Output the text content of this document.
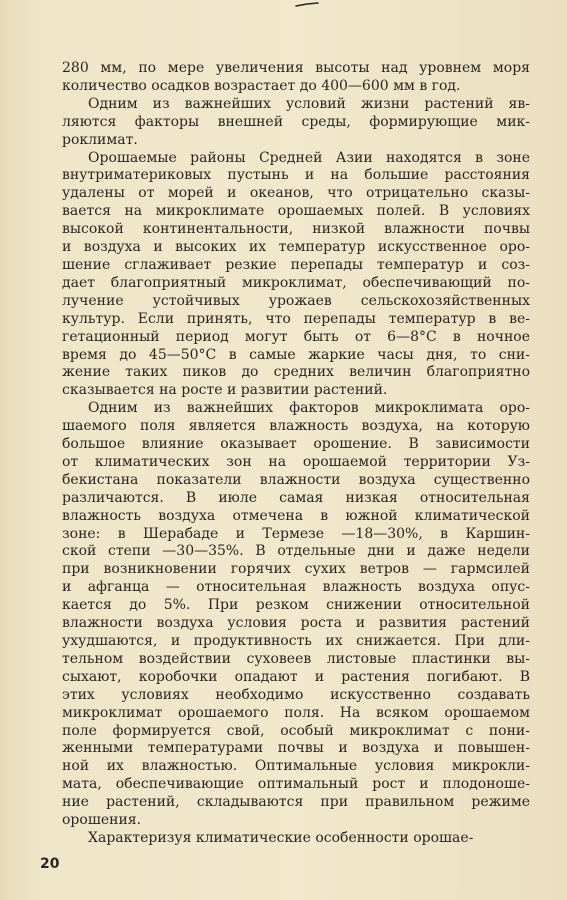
280 мм, по мере увеличения высоты над уровнем моря
количество осадков возрастает до 400—600 мм в год.
Одним из важнейших условий жизни растений яв-
ляются факторы внешней среды, формирующие мик-
роклимат.
Орошаемые районы Средней Азии находятся в зоне
внутриматериковых пустынь и на большие расстояния
удалены от морей и океанов, что отрицательно сказы-
вается на микроклимате орошаемых полей. В условиях
высокой континентальности, низкой влажности почвы
и воздуха и высоких их температур искусственное оро-
шение сглаживает резкие перепады температур и соз-
дает благоприятный микроклимат, обеспечивающий по-
лучение устойчивых урожаев сельскохозяйственных
культур. Если принять, что перепады температур в ве-
гетационный период могут быть от 6—8°С в ночное
время до 45—50°С в самые жаркие часы дня, то сни-
жение таких пиков до средних величин благоприятно
сказывается на росте и развитии растений.
Одним из важнейших факторов микроклимата оро-
шаемого поля является влажность воздуха, на которую
большое влияние оказывает орошение. В зависимости
от климатических зон на орошаемой территории Уз-
бекистана показатели влажности воздуха существенно
различаются. В июле самая низкая относительная
влажность воздуха отмечена в южной климатической
зоне: в Шерабаде и Термезе —18—30%, в Каршин-
ской степи —30—35%. В отдельные дни и даже недели
при возникновении горячих сухих ветров — гармсилей
и афганца — относительная влажность воздуха опус-
кается до 5%. При резком снижении относительной
влажности воздуха условия роста и развития растений
ухудшаются, и продуктивность их снижается. При дли-
тельном воздействии суховеев листовые пластинки вы-
сыхают, коробочки опадают и растения погибают. В
этих условиях необходимо искусственно создавать
микроклимат орошаемого поля. На всяком орошаемом
поле формируется свой, особый микроклимат с пони-
женными температурами почвы и воздуха и повышен-
ной их влажностью. Оптимальные условия микрокли-
мата, обеспечивающие оптимальный рост и плодоноше-
ние растений, складываются при правильном режиме
орошения.
Характеризуя климатические особенности орошае-
20
